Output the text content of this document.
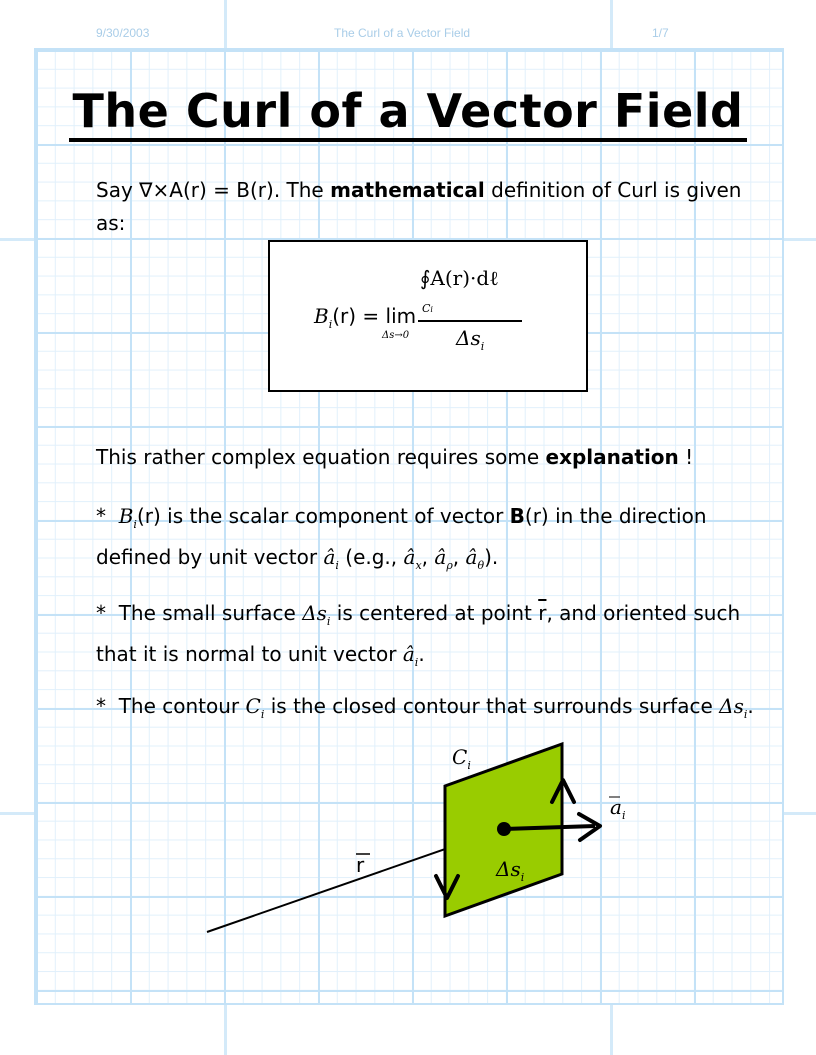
9/30/2003	The Curl of a Vector Field	1/7
The Curl of a Vector Field
Say ∇×A(r) = B(r). The mathematical definition of Curl is given as:
$B_i(r) = \lim$
Δs→0
∮A(r)·dℓ
Ci
$\Delta s_i$
This rather complex equation requires some explanation !
* $B_i(r)$ is the scalar component of vector B(r) in the direction defined by unit vector $â_i$ (e.g., $â_x$, $â_\rho$, $â_\theta$).
* The small surface $\Delta s_i$ is centered at point $\overline{r}$, and oriented such that it is normal to unit vector $â_i$.
* The contour $C_i$ is the closed contour that surrounds surface $\Delta s_i$.
$C_i$
$a_i$
r	$\Delta s_i$
